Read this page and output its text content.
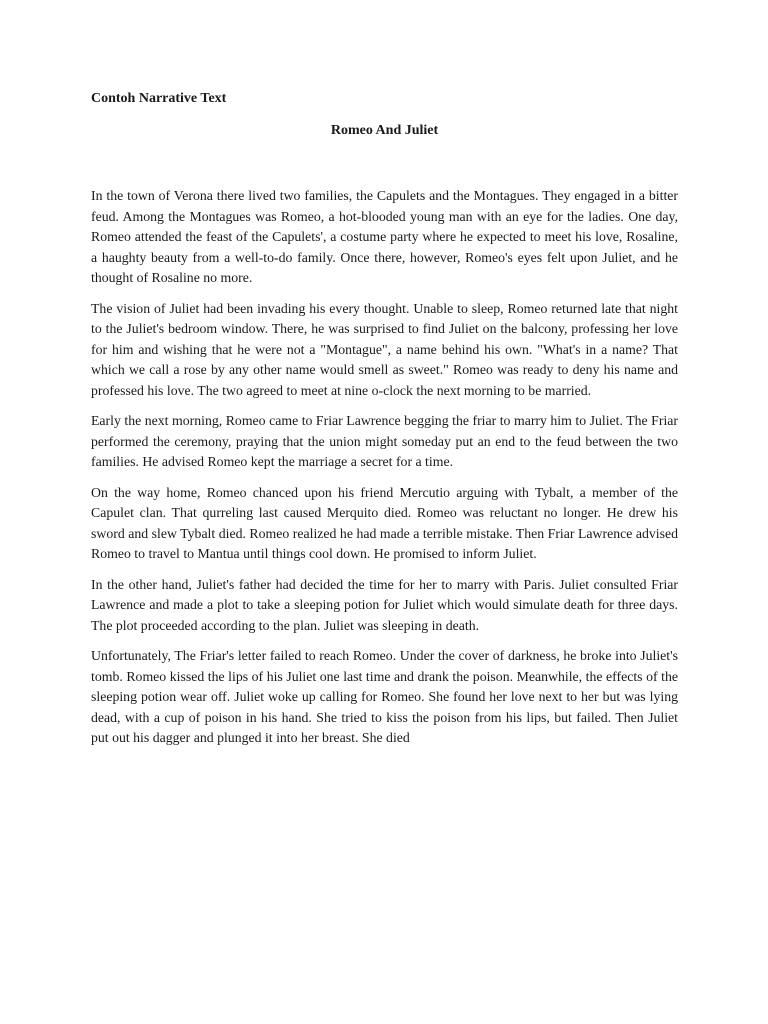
Contoh Narrative Text
Romeo And Juliet

In the town of Verona there lived two families, the Capulets and the Montagues. They engaged in a bitter feud. Among the Montagues was Romeo, a hot-blooded young man with an eye for the ladies. One day, Romeo attended the feast of the Capulets', a costume party where he expected to meet his love, Rosaline, a haughty beauty from a well-to-do family. Once there, however, Romeo's eyes felt upon Juliet, and he thought of Rosaline no more.

The vision of Juliet had been invading his every thought. Unable to sleep, Romeo returned late that night to the Juliet's bedroom window. There, he was surprised to find Juliet on the balcony, professing her love for him and wishing that he were not a "Montague", a name behind his own. "What's in a name? That which we call a rose by any other name would smell as sweet." Romeo was ready to deny his name and professed his love. The two agreed to meet at nine o-clock the next morning to be married.

Early the next morning, Romeo came to Friar Lawrence begging the friar to marry him to Juliet. The Friar performed the ceremony, praying that the union might someday put an end to the feud between the two families. He advised Romeo kept the marriage a secret for a time.

On the way home, Romeo chanced upon his friend Mercutio arguing with Tybalt, a member of the Capulet clan. That qurreling last caused Merquito died. Romeo was reluctant no longer. He drew his sword and slew Tybalt died. Romeo realized he had made a terrible mistake. Then Friar Lawrence advised Romeo to travel to Mantua until things cool down. He promised to inform Juliet.

In the other hand, Juliet's father had decided the time for her to marry with Paris. Juliet consulted Friar Lawrence and made a plot to take a sleeping potion for Juliet which would simulate death for three days. The plot proceeded according to the plan. Juliet was sleeping in death.

Unfortunately, The Friar's letter failed to reach Romeo. Under the cover of darkness, he broke into Juliet's tomb. Romeo kissed the lips of his Juliet one last time and drank the poison. Meanwhile, the effects of the sleeping potion wear off. Juliet woke up calling for Romeo. She found her love next to her but was lying dead, with a cup of poison in his hand. She tried to kiss the poison from his lips, but failed. Then Juliet put out his dagger and plunged it into her breast. She died
